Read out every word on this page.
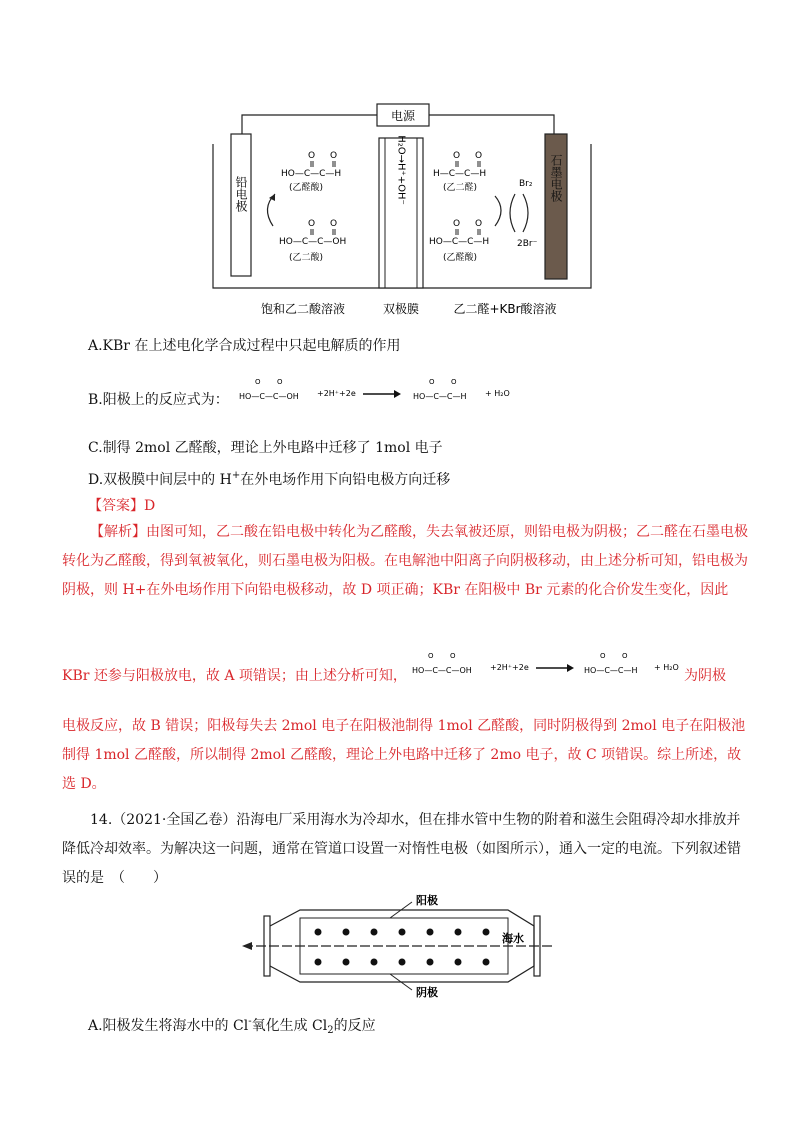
电源
铅电极	石墨电极
H₂O→H⁺+OH⁻
O O
HO—C—C—H
(乙醛酸)
O O
HO—C—C—OH
(乙二酸)
O O
H—C—C—H
(乙二醛)	Br₂
2Br⁻
O O
HO—C—C—H
(乙醛酸)
饱和乙二酸溶液	双极膜	乙二醛+KBr酸溶液
A.KBr 在上述电化学合成过程中只起电解质的作用
B.阳极上的反应式为：
O O
HO—C—C—OH +2H⁺+2e
O O
HO—C—C—H + H₂O
C.制得 2mol 乙醛酸，理论上外电路中迁移了 1mol 电子
D.双极膜中间层中的 H+在外电场作用下向铅电极方向迁移
【答案】D
【解析】由图可知，乙二酸在铅电极中转化为乙醛酸，失去氧被还原，则铅电极为阴极；乙二醛在石墨电极转化为乙醛酸，得到氧被氧化，则石墨电极为阳极。在电解池中阳离子向阴极移动，由上述分析可知，铅电极为阴极，则 H+在外电场作用下向铅电极移动，故 D 项正确；KBr 在阳极中 Br 元素的化合价发生变化，因此
KBr 还参与阳极放电，故 A 项错误；由上述分析可知，
O O
HO—C—C—OH +2H⁺+2e
O O
HO—C—C—H + H₂O
为阴极
电极反应，故 B 错误；阳极每失去 2mol 电子在阳极池制得 1mol 乙醛酸，同时阴极得到 2mol 电子在阳极池制得 1mol 乙醛酸，所以制得 2mol 乙醛酸，理论上外电路中迁移了 2mo 电子，故 C 项错误。综上所述，故选 D。
14.（2021·全国乙卷）沿海电厂采用海水为冷却水，但在排水管中生物的附着和滋生会阻碍冷却水排放并降低冷却效率。为解决这一问题，通常在管道口设置一对惰性电极（如图所示），通入一定的电流。下列叙述错误的是　（　　）
阳极
阴极
海水
A.阳极发生将海水中的 Cl-氧化生成 $Cl_2$的反应
